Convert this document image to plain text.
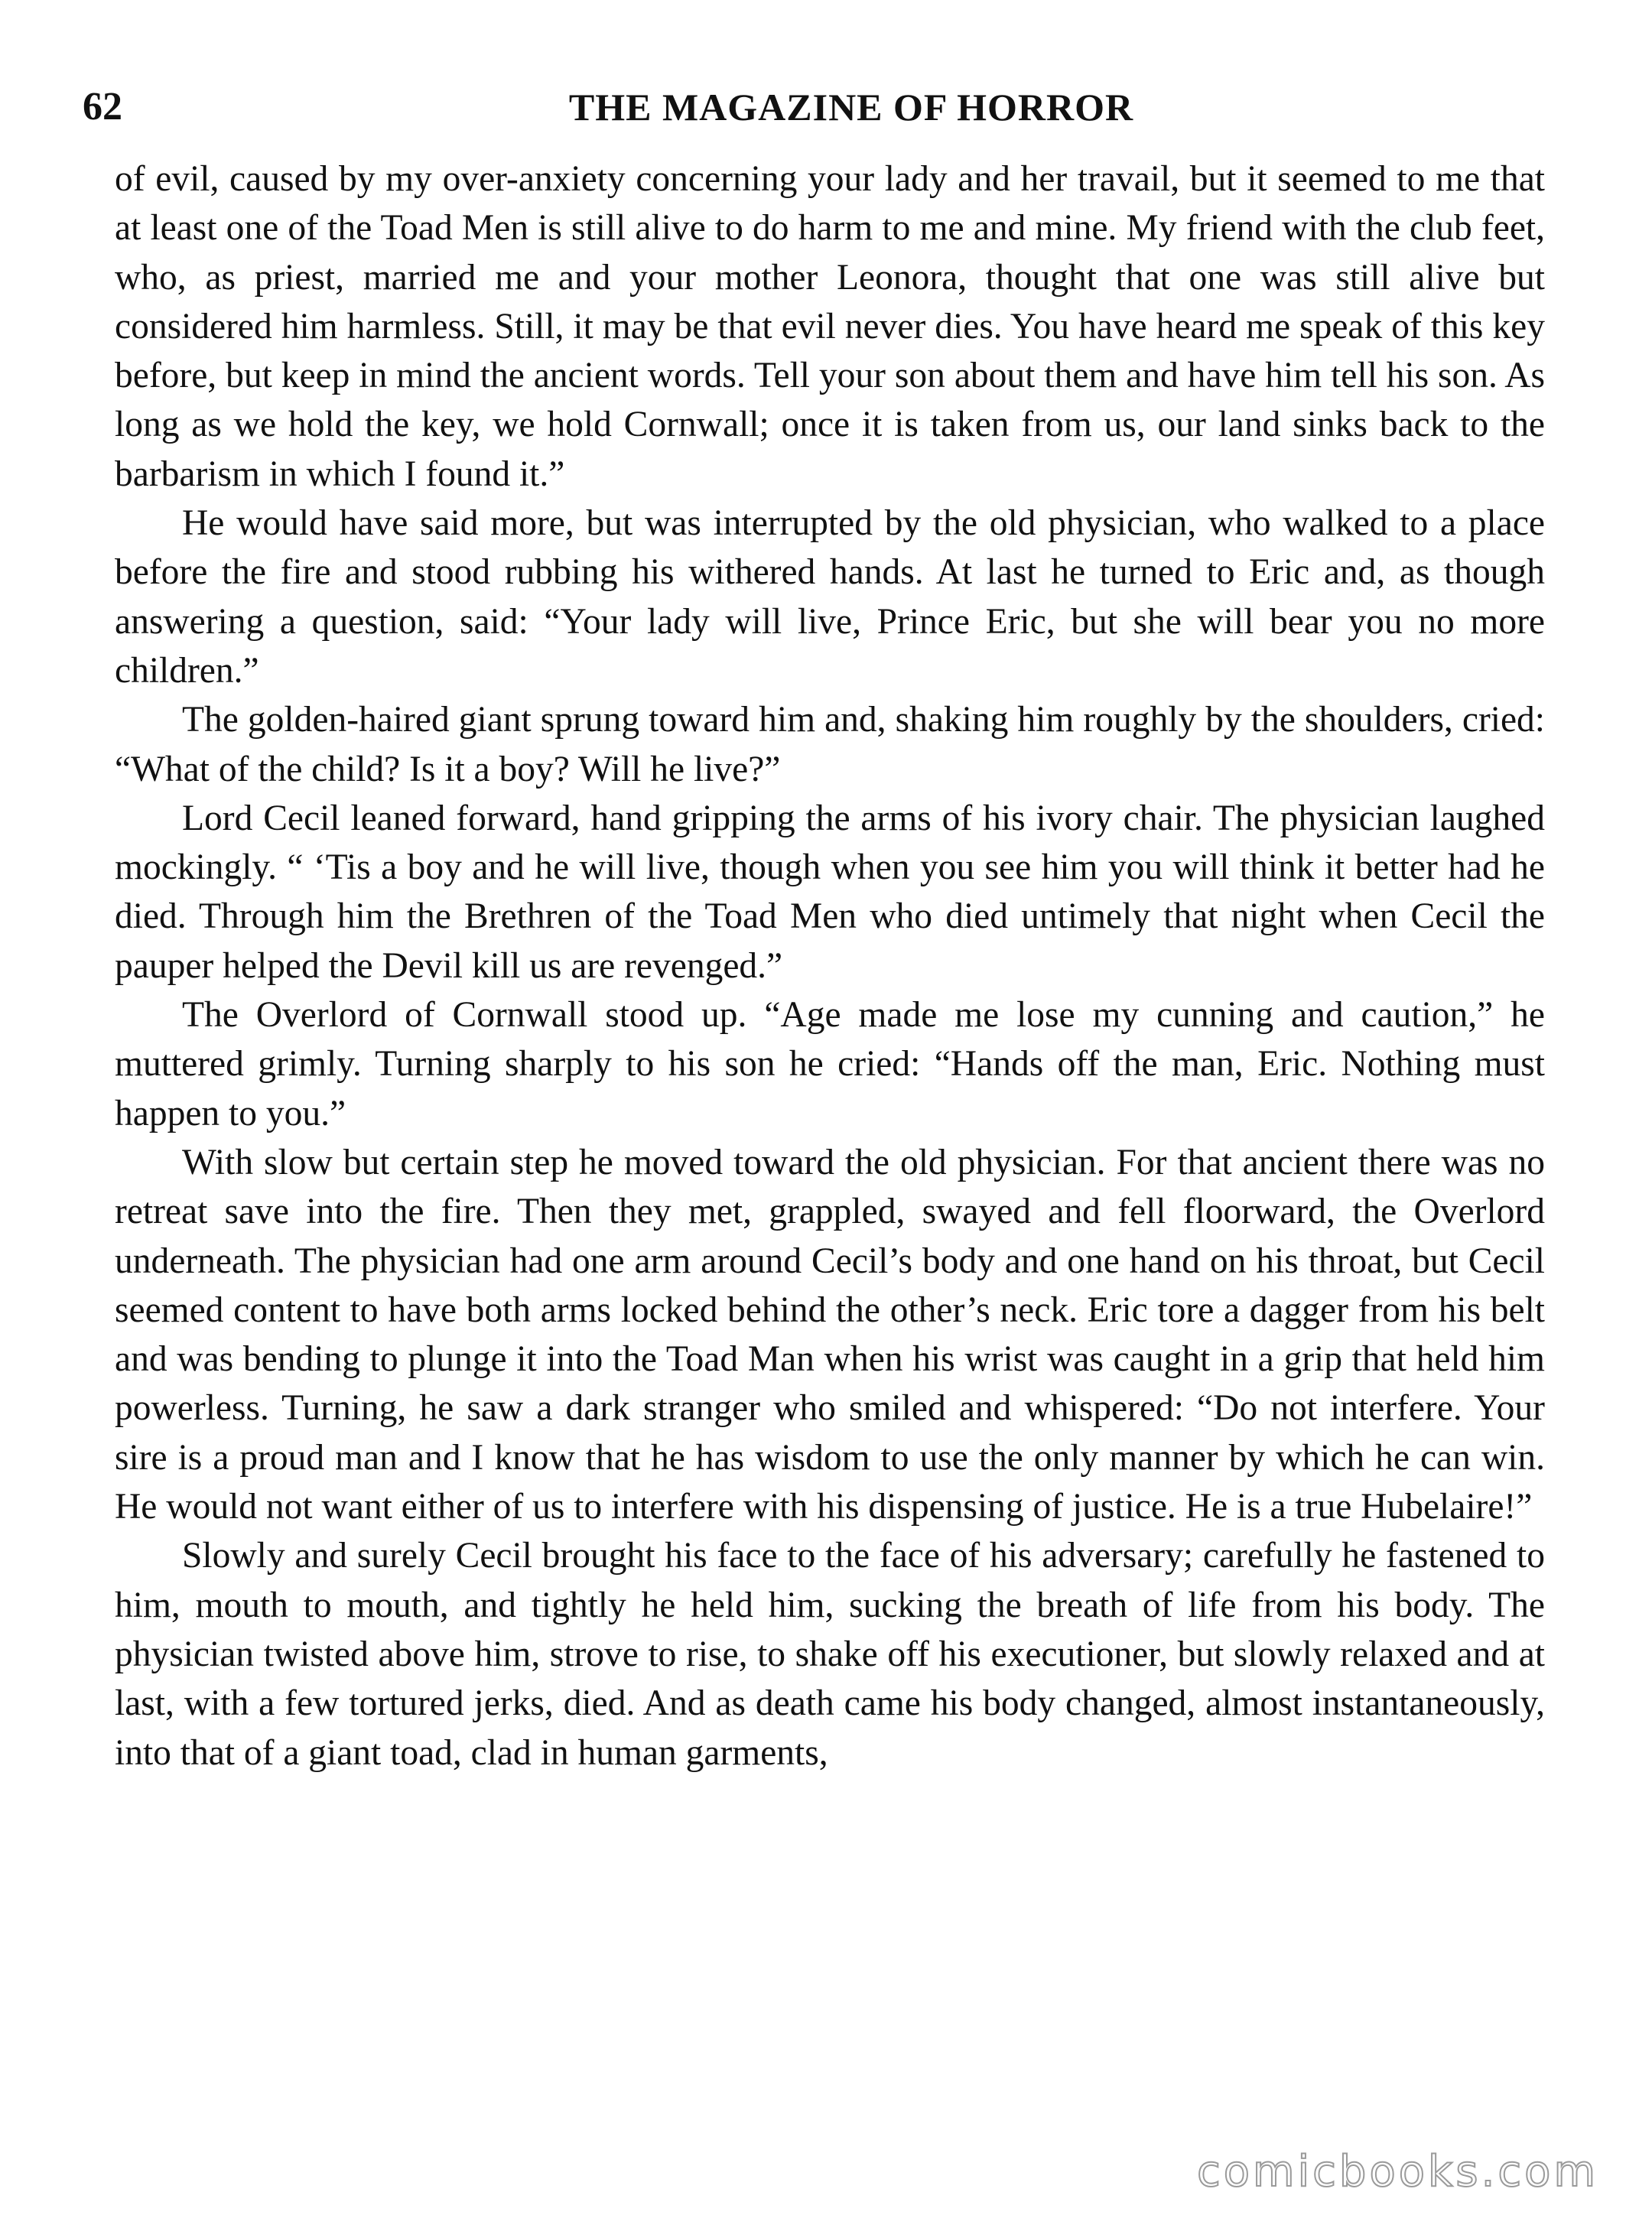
62	THE MAGAZINE OF HORROR

of evil, caused by my over-anxiety concerning your lady and her travail, but it seemed to me that at least one of the Toad Men is still alive to do harm to me and mine. My friend with the club feet, who, as priest, married me and your mother Leonora, thought that one was still alive but considered him harmless. Still, it may be that evil never dies. You have heard me speak of this key before, but keep in mind the ancient words. Tell your son about them and have him tell his son. As long as we hold the key, we hold Cornwall; once it is taken from us, our land sinks back to the barbarism in which I found it.”

He would have said more, but was interrupted by the old physician, who walked to a place before the fire and stood rubbing his withered hands. At last he turned to Eric and, as though answering a question, said: “Your lady will live, Prince Eric, but she will bear you no more children.”

The golden-haired giant sprung toward him and, shaking him roughly by the shoulders, cried: “What of the child? Is it a boy? Will he live?”

Lord Cecil leaned forward, hand gripping the arms of his ivory chair. The physician laughed mockingly. “ ‘Tis a boy and he will live, though when you see him you will think it better had he died. Through him the Brethren of the Toad Men who died untimely that night when Cecil the pauper helped the Devil kill us are revenged.”

The Overlord of Cornwall stood up. “Age made me lose my cunning and caution,” he muttered grimly. Turning sharply to his son he cried: “Hands off the man, Eric. Nothing must happen to you.”

With slow but certain step he moved toward the old physician. For that ancient there was no retreat save into the fire. Then they met, grappled, swayed and fell floorward, the Overlord underneath. The physician had one arm around Cecil’s body and one hand on his throat, but Cecil seemed content to have both arms locked behind the other’s neck. Eric tore a dagger from his belt and was bending to plunge it into the Toad Man when his wrist was caught in a grip that held him powerless. Turning, he saw a dark stranger who smiled and whispered: “Do not interfere. Your sire is a proud man and I know that he has wisdom to use the only manner by which he can win. He would not want either of us to interfere with his dispensing of justice. He is a true Hubelaire!”

Slowly and surely Cecil brought his face to the face of his adversary; carefully he fastened to him, mouth to mouth, and tightly he held him, sucking the breath of life from his body. The physician twisted above him, strove to rise, to shake off his executioner, but slowly relaxed and at last, with a few tortured jerks, died. And as death came his body changed, almost instantaneously, into that of a giant toad, clad in human garments,

comicbooks.com
